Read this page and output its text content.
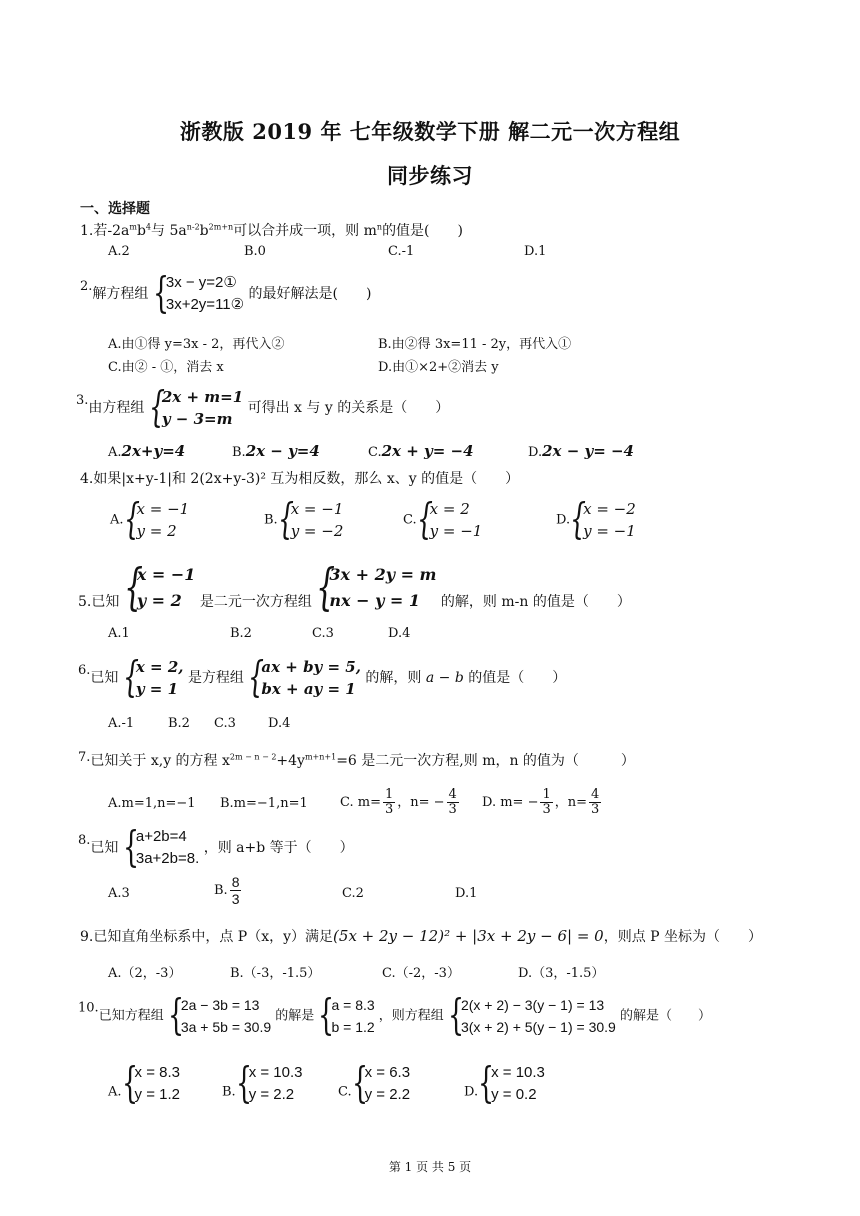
浙教版 2019 年 七年级数学下册 解二元一次方程组
同步练习
一、选择题
1.若$-2a^mb^4$与 $5a^{n-2}b^{2m+n}$可以合并成一项，则 $m^n$的值是(　　)
A.2	B.0	C.-1	D.1
2.解方程组 {
3x − y=2①
3x+2y=11②
的最好解法是(　　)
A.由①得 y=3x - 2，再代入②	B.由②得 3x=11 - 2y，再代入①
C.由② - ①，消去 x	D.由①×2+②消去 y
3.由方程组 {
2x + m=1
y − 3=m
可得出 x 与 y 的关系是（　　）
A.2x+y=4	B.2x − y=4	C.2x + y= −4	D.2x − y= −4
4.如果|x+y-1|和 2(2x+y-3)² 互为相反数，那么 x、y 的值是（　　）
A. {
x = −1
y = 2
B. {
x = −1
y = −2
C. {
x = 2
y = −1
D. {
x = −2
y = −1
5.已知 {
x = −1
y = 2	是二元一次方程组 {
3x + 2y = m
nx − y = 1	的解，则 m-n 的值是（　　）
A.1	B.2	C.3	D.4
6.已知 {
x = 2,
y = 1
是方程组 {
ax + by = 5,
bx + ay = 1
的解，则 a − b 的值是（　　）
A.-1	B.2 C.3 D.4
7.已知关于 x,y 的方程 $x^{2m - n - 2}+4y^{m+n+1}=6$ 是二元一次方程,则 m，n 的值为（　　　）
A.m=1,n=−1 B.m=−1,n=1 C. $m= \frac{1}{3}$ ，$n= - \frac{4}{3} D$. $m= - \frac{1}{3}$ ，$n= \frac{4}{3}$
8.已知 {
a+2b=4
3a+2b=8.
，则 a+b 等于（　　）
A.3	B. $\frac{8}{3}$	C.2	D.1
9.已知直角坐标系中，点 P（x，y）满足(5x + 2y − 12)² + |3x + 2y − 6| = 0，则点 P 坐标为（　　）
A.（2，-3）	B.（-3，-1.5）	C.（-2，-3）	D.（3，-1.5）
10.已知方程组 {
2a − 3b = 13
3a + 5b = 30.9
的解是 {
a = 8.3
b = 1.2
，则方程组 {
2(x + 2) − 3(y − 1) = 13
3(x + 2) + 5(y − 1) = 30.9
的解是（　　）
A. {
x = 8.3
y = 1.2	B. {
x = 10.3
y = 2.2	C. {
x = 6.3
y = 2.2	D. {
x = 10.3
y = 0.2
第 1 页 共 5 页
